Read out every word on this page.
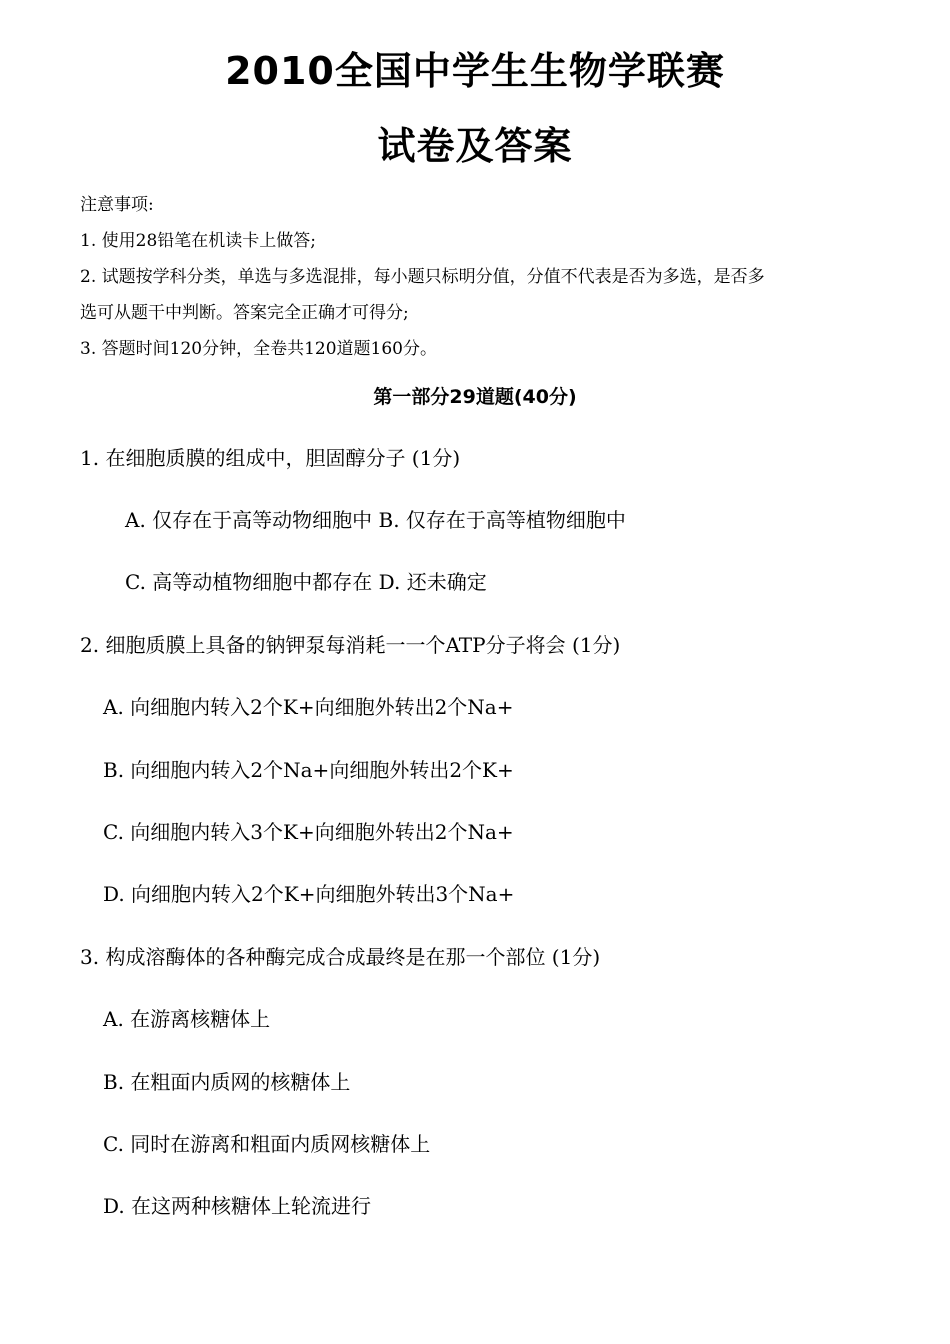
2010全国中学生生物学联赛
试卷及答案
注意事项:
1. 使用28铅笔在机读卡上做答;
2. 试题按学科分类，单选与多选混排，每小题只标明分值，分值不代表是否为多选，是否多
选可从题干中判断。答案完全正确才可得分;
3. 答题时间120分钟，全卷共120道题160分。
第一部分29道题(40分)
1. 在细胞质膜的组成中，胆固醇分子 (1分)
A. 仅存在于高等动物细胞中 B. 仅存在于高等植物细胞中
C. 高等动植物细胞中都存在 D. 还未确定
2. 细胞质膜上具备的钠钾泵每消耗一一个ATP分子将会 (1分)
A. 向细胞内转入2个K+向细胞外转出2个Na+
B. 向细胞内转入2个Na+向细胞外转出2个K+
C. 向细胞内转入3个K+向细胞外转出2个Na+
D. 向细胞内转入2个K+向细胞外转出3个Na+
3. 构成溶酶体的各种酶完成合成最终是在那一个部位 (1分)
A. 在游离核糖体上
B. 在粗面内质网的核糖体上
C. 同时在游离和粗面内质网核糖体上
D. 在这两种核糖体上轮流进行
